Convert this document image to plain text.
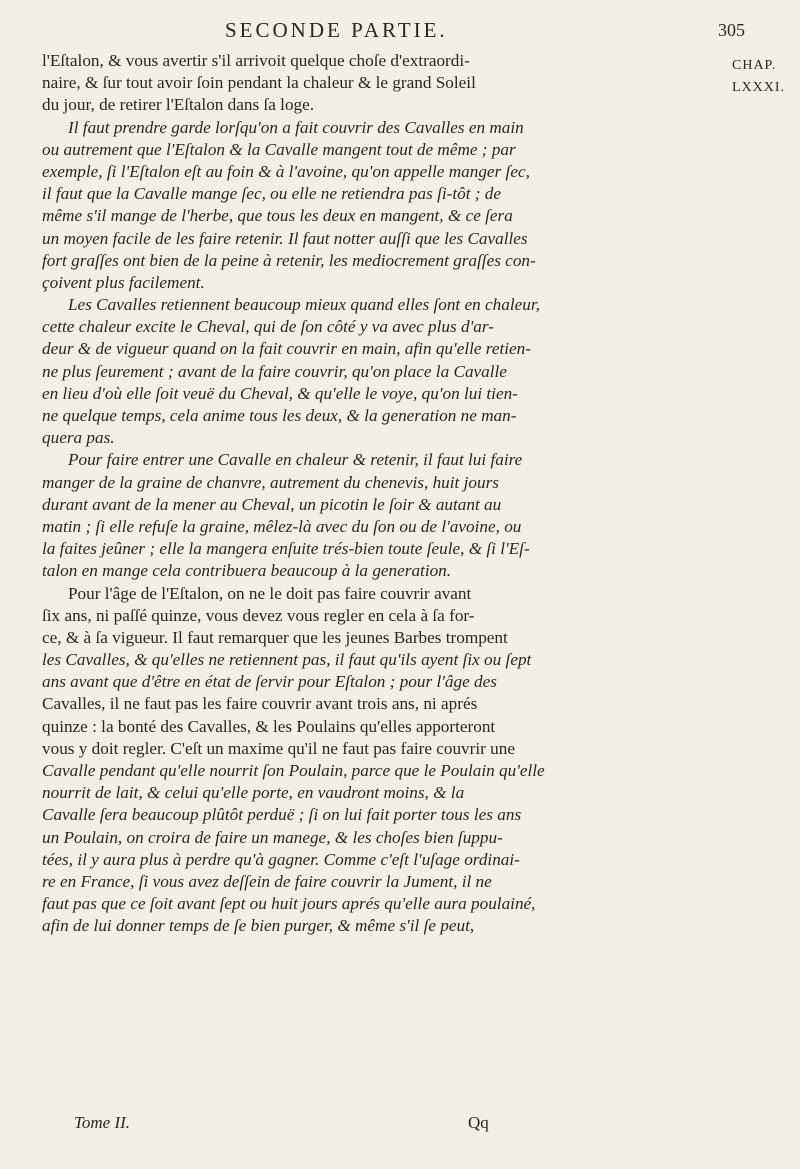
SECONDE PARTIE.	305
CHAP.
LXXXI.
l'Eſtalon, & vous avertir s'il arrivoit quelque choſe d'extraordi-
naire, & ſur tout avoir ſoin pendant la chaleur & le grand Soleil
du jour, de retirer l'Eſtalon dans ſa loge.
Il faut prendre garde lorſqu'on a fait couvrir des Cavalles en main
ou autrement que l'Eſtalon & la Cavalle mangent tout de même ; par
exemple, ſi l'Eſtalon eſt au foin & à l'avoine, qu'on appelle manger ſec,
il faut que la Cavalle mange ſec, ou elle ne retiendra pas ſi-tôt ; de
même s'il mange de l'herbe, que tous les deux en mangent, & ce ſera
un moyen facile de les faire retenir. Il faut notter auſſi que les Cavalles
fort graſſes ont bien de la peine à retenir, les mediocrement graſſes con-
çoivent plus facilement.
Les Cavalles retiennent beaucoup mieux quand elles ſont en chaleur,
cette chaleur excite le Cheval, qui de ſon côté y va avec plus d'ar-
deur & de vigueur quand on la fait couvrir en main, afin qu'elle retien-
ne plus ſeurement ; avant de la faire couvrir, qu'on place la Cavalle
en lieu d'où elle ſoit veuë du Cheval, & qu'elle le voye, qu'on lui tien-
ne quelque temps, cela anime tous les deux, & la generation ne man-
quera pas.
Pour faire entrer une Cavalle en chaleur & retenir, il faut lui faire
manger de la graine de chanvre, autrement du chenevis, huit jours
durant avant de la mener au Cheval, un picotin le ſoir & autant au
matin ; ſi elle refuſe la graine, mêlez-là avec du ſon ou de l'avoine, ou
la faites jeûner ; elle la mangera enſuite trés-bien toute ſeule, & ſi l'Eſ-
talon en mange cela contribuera beaucoup à la generation.
Pour l'âge de l'Eſtalon, on ne le doit pas faire couvrir avant
ſix ans, ni paſſé quinze, vous devez vous regler en cela à ſa for-
ce, & à ſa vigueur. Il faut remarquer que les jeunes Barbes trompent
les Cavalles, & qu'elles ne retiennent pas, il faut qu'ils ayent ſix ou ſept
ans avant que d'être en état de ſervir pour Eſtalon ; pour l'âge des
Cavalles, il ne faut pas les faire couvrir avant trois ans, ni aprés
quinze : la bonté des Cavalles, & les Poulains qu'elles apporteront
vous y doit regler. C'eſt un maxime qu'il ne faut pas faire couvrir une
Cavalle pendant qu'elle nourrit ſon Poulain, parce que le Poulain qu'elle
nourrit de lait, & celui qu'elle porte, en vaudront moins, & la
Cavalle ſera beaucoup plûtôt perduë ; ſi on lui fait porter tous les ans
un Poulain, on croira de faire un manege, & les choſes bien ſuppu-
tées, il y aura plus à perdre qu'à gagner. Comme c'eſt l'uſage ordinai-
re en France, ſi vous avez deſſein de faire couvrir la Jument, il ne
faut pas que ce ſoit avant ſept ou huit jours aprés qu'elle aura poulainé,
afin de lui donner temps de ſe bien purger, & même s'il ſe peut,
Tome II.	Qq
